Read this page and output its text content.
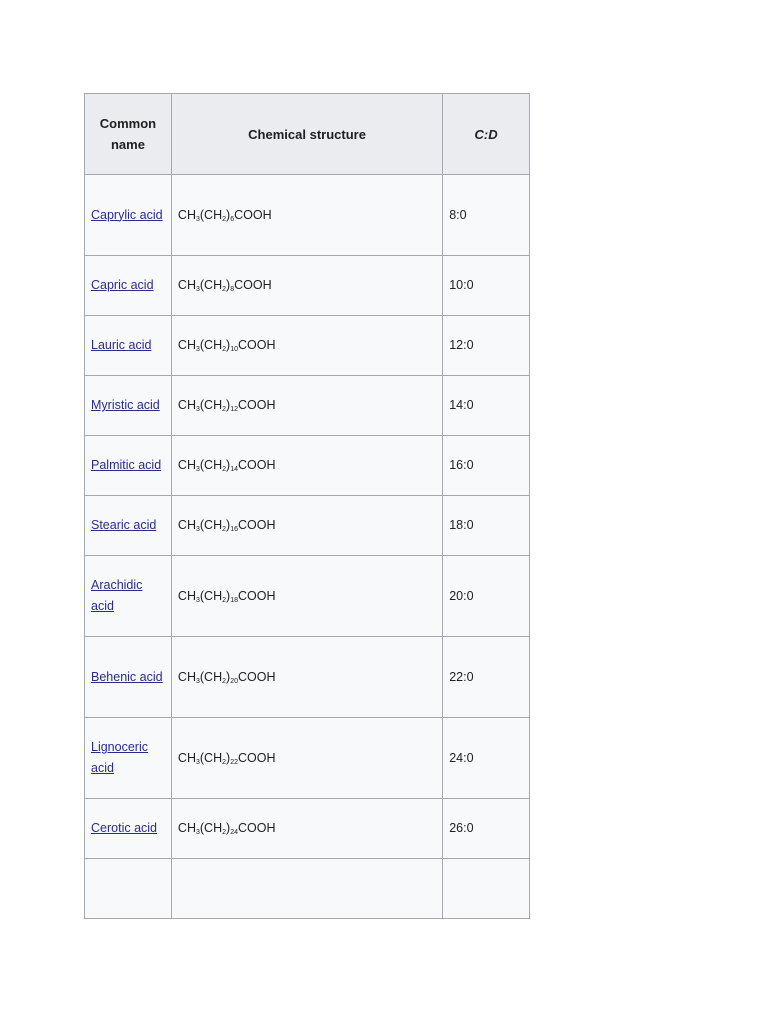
Common name	Chemical structure	C:D
Caprylic acid	$CH_3(CH_2)_6COOH$	8:0
Capric acid	$CH_3(CH_2)_8COOH$	10:0
Lauric acid	$CH_3(CH_2)_{10}COOH$	12:0
Myristic acid	$CH_3(CH_2)_{12}COOH$	14:0
Palmitic acid	$CH_3(CH_2)_{14}COOH$	16:0
Stearic acid	$CH_3(CH_2)_{16}COOH$	18:0
Arachidic acid	$CH_3(CH_2)_{18}COOH$	20:0
Behenic acid	$CH_3(CH_2)_{20}COOH$	22:0
Lignoceric acid	$CH_3(CH_2)_{22}COOH$	24:0
Cerotic acid	$CH_3(CH_2)_{24}COOH$	26:0
